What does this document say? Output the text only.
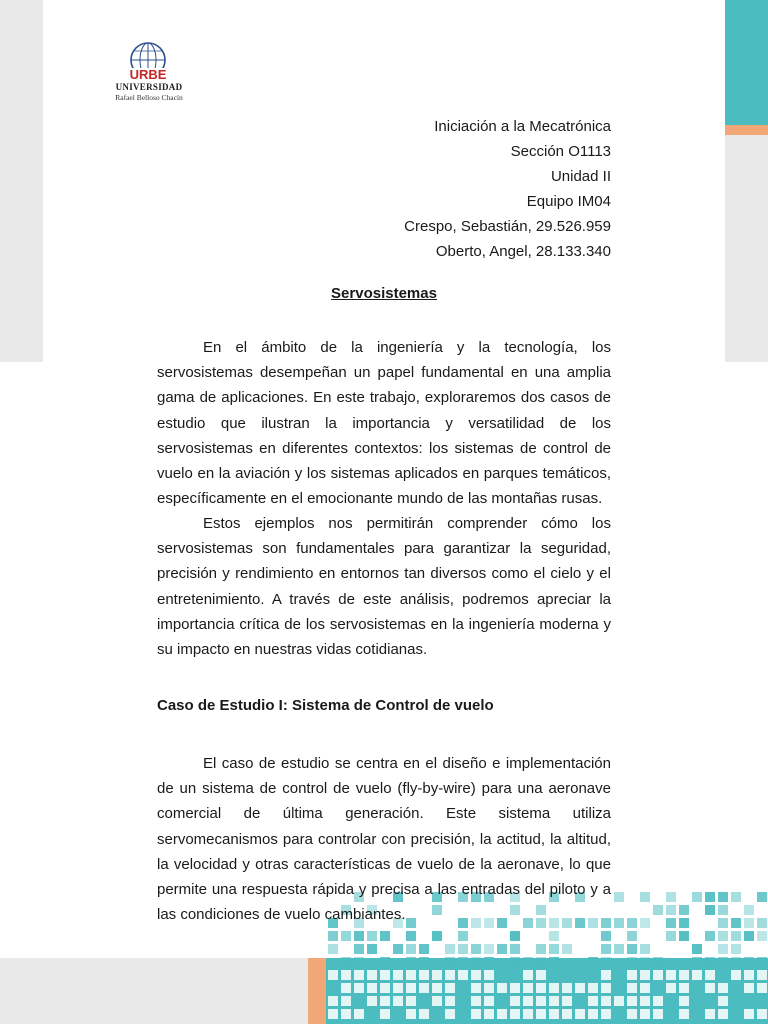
URBE
UNIVERSIDAD
Rafael Belloso Chacín
Iniciación a la Mecatrónica
Sección O1113
Unidad II
Equipo IM04
Crespo, Sebastián, 29.526.959
Oberto, Angel, 28.133.340
Servosistemas

En el ámbito de la ingeniería y la tecnología, los servosistemas desempeñan un papel fundamental en una amplia gama de aplicaciones. En este trabajo, exploraremos dos casos de estudio que ilustran la importancia y versatilidad de los servosistemas en diferentes contextos: los sistemas de control de vuelo en la aviación y los sistemas aplicados en parques temáticos, específicamente en el emocionante mundo de las montañas rusas.

Estos ejemplos nos permitirán comprender cómo los servosistemas son fundamentales para garantizar la seguridad, precisión y rendimiento en entornos tan diversos como el cielo y el entretenimiento. A través de este análisis, podremos apreciar la importancia crítica de los servosistemas en la ingeniería moderna y su impacto en nuestras vidas cotidianas.

Caso de Estudio I: Sistema de Control de vuelo

El caso de estudio se centra en el diseño e implementación de un sistema de control de vuelo (fly-by-wire) para una aeronave comercial de última generación. Este sistema utiliza servomecanismos para controlar con precisión, la actitud, la altitud, la velocidad y otras características de vuelo de la aeronave, lo que permite una respuesta rápida y precisa a las entradas del piloto y a las condiciones de vuelo cambiantes.
